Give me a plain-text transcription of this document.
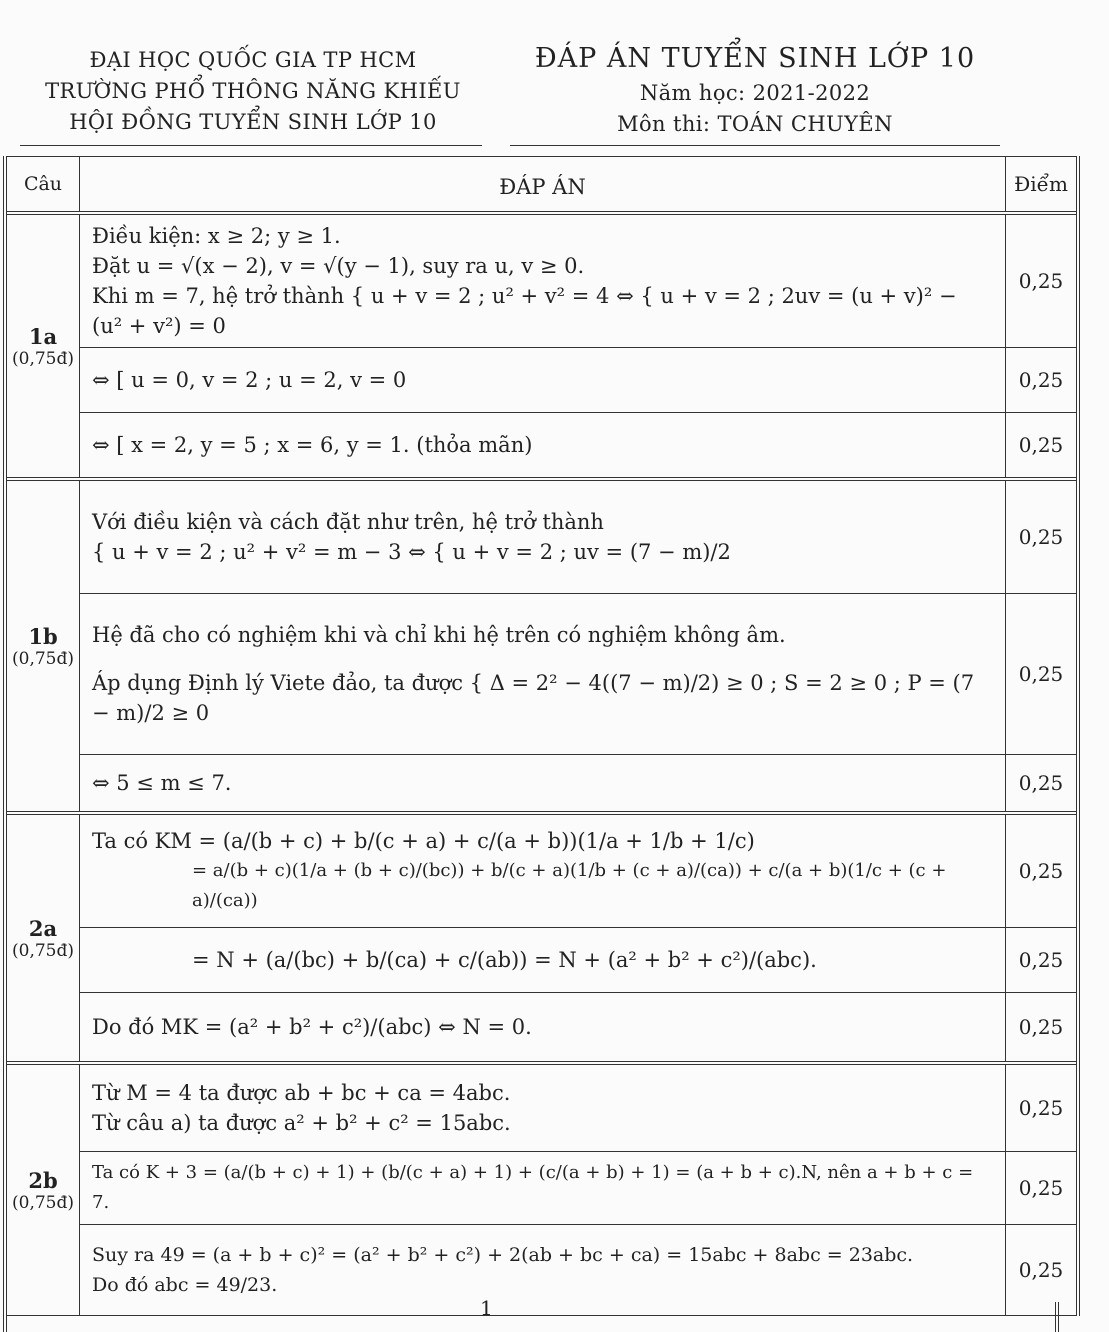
ĐẠI HỌC QUỐC GIA TP HCM
TRƯỜNG PHỔ THÔNG NĂNG KHIẾU
HỘI ĐỒNG TUYỂN SINH LỚP 10
ĐÁP ÁN TUYỂN SINH LỚP 10
Năm học: 2021-2022
Môn thi: TOÁN CHUYÊN
Câu	ĐÁP ÁN	Điểm

1a
(0,75đ)	Điều kiện: x ≥ 2; y ≥ 1.
Đặt u = √(x − 2), v = √(y − 1), suy ra u, v ≥ 0.
Khi m = 7, hệ trở thành { u + v = 2 ; u² + v² = 4 ⇔ { u + v = 2 ; 2uv = (u + v)² − (u² + v²) = 0	0,25

	⇔ [ u = 0, v = 2 ; u = 2, v = 0	0,25

	⇔ [ x = 2, y = 5 ; x = 6, y = 1. (thỏa mãn)	0,25

1b
(0,75đ)	Với điều kiện và cách đặt như trên, hệ trở thành
{ u + v = 2 ; u² + v² = m − 3 ⇔ { u + v = 2 ; uv = (7 − m)/2	0,25

	Hệ đã cho có nghiệm khi và chỉ khi hệ trên có nghiệm không âm.
Áp dụng Định lý Viete đảo, ta được { Δ = 2² − 4((7 − m)/2) ≥ 0 ; S = 2 ≥ 0 ; P = (7 − m)/2 ≥ 0	0,25

	⇔ 5 ≤ m ≤ 7.	0,25

2a
(0,75đ)	Ta có KM = (a/(b + c) + b/(c + a) + c/(a + b))(1/a + 1/b + 1/c)
= a/(b + c)(1/a + (b + c)/(bc)) + b/(c + a)(1/b + (c + a)/(ca)) + c/(a + b)(1/c + (c + a)/(ca))	0,25

	= N + (a/(bc) + b/(ca) + c/(ab)) = N + (a² + b² + c²)/(abc).	0,25

	Do đó MK = (a² + b² + c²)/(abc) ⇔ N = 0.	0,25

2b
(0,75đ)	Từ M = 4 ta được ab + bc + ca = 4abc.
Từ câu a) ta được a² + b² + c² = 15abc.	0,25

	Ta có K + 3 = (a/(b + c) + 1) + (b/(c + a) + 1) + (c/(a + b) + 1) = (a + b + c).N, nên a + b + c = 7.	0,25

	Suy ra 49 = (a + b + c)² = (a² + b² + c²) + 2(ab + bc + ca) = 15abc + 8abc = 23abc.
Do đó abc = 49/23.	0,25
1
